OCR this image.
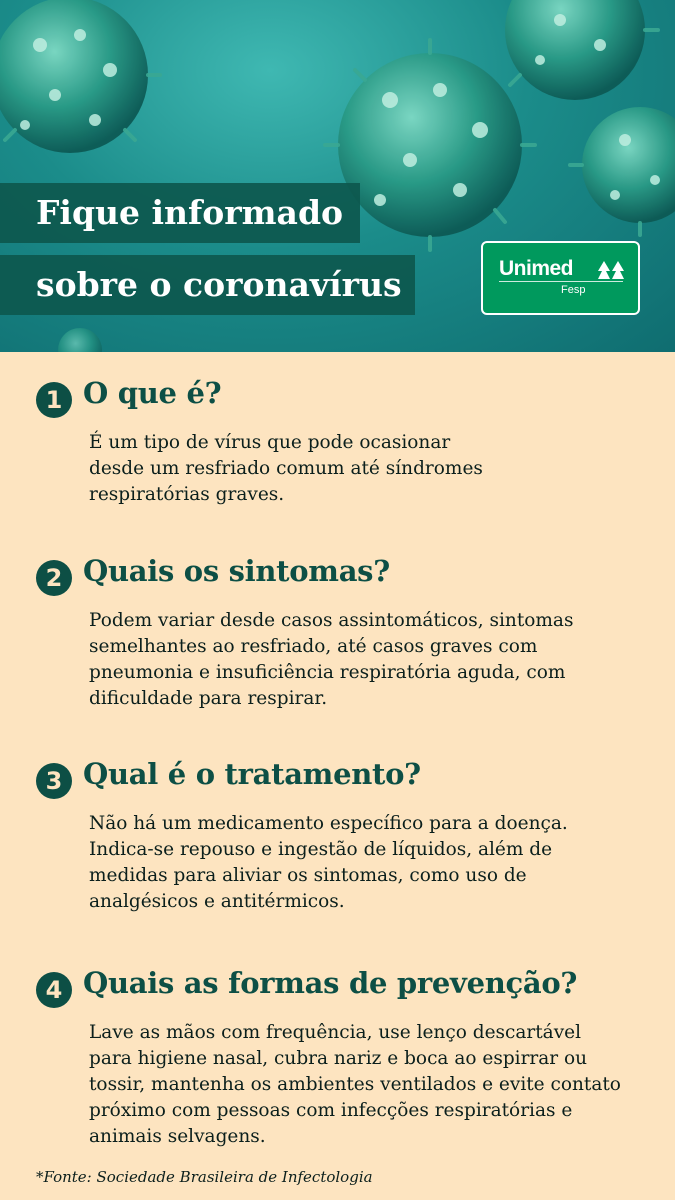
Fique informado
sobre o coronavírus	Unimed
Fesp
1 O que é?

É um tipo de vírus que pode ocasionar desde um resfriado comum até síndromes respiratórias graves.

2 Quais os sintomas?

Podem variar desde casos assintomáticos, sintomas semelhantes ao resfriado, até casos graves com pneumonia e insuficiência respiratória aguda, com dificuldade para respirar.

3 Qual é o tratamento?

Não há um medicamento específico para a doença. Indica-se repouso e ingestão de líquidos, além de medidas para aliviar os sintomas, como uso de analgésicos e antitérmicos.

4 Quais as formas de prevenção?

Lave as mãos com frequência, use lenço descartável para higiene nasal, cubra nariz e boca ao espirrar ou tossir, mantenha os ambientes ventilados e evite contato próximo com pessoas com infecções respiratórias e animais selvagens.

*Fonte: Sociedade Brasileira de Infectologia
